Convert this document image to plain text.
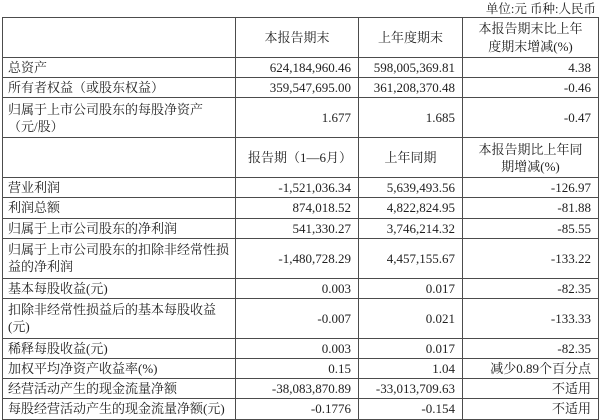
单位:元 币种:人民币
	本报告期末	上年度期末	本报告期末比上年度期末增减(%)
总资产	624,184,960.46	598,005,369.81	4.38
所有者权益（或股东权益）	359,547,695.00	361,208,370.48	-0.46
归属于上市公司股东的每股净资产（元/股）	1.677	1.685	-0.47
	报告期（1—6月）	上年同期	本报告期比上年同期增减(%)
营业利润	-1,521,036.34	5,639,493.56	-126.97
利润总额	874,018.52	4,822,824.95	-81.88
归属于上市公司股东的净利润	541,330.27	3,746,214.32	-85.55
归属于上市公司股东的扣除非经常性损益的净利润	-1,480,728.29	4,457,155.67	-133.22
基本每股收益(元)	0.003	0.017	-82.35
扣除非经常性损益后的基本每股收益(元)	-0.007	0.021	-133.33
稀释每股收益(元)	0.003	0.017	-82.35
加权平均净资产收益率(%)	0.15	1.04	减少0.89个百分点
经营活动产生的现金流量净额	-38,083,870.89	-33,013,709.63	不适用
每股经营活动产生的现金流量净额(元)	-0.1776	-0.154	不适用
